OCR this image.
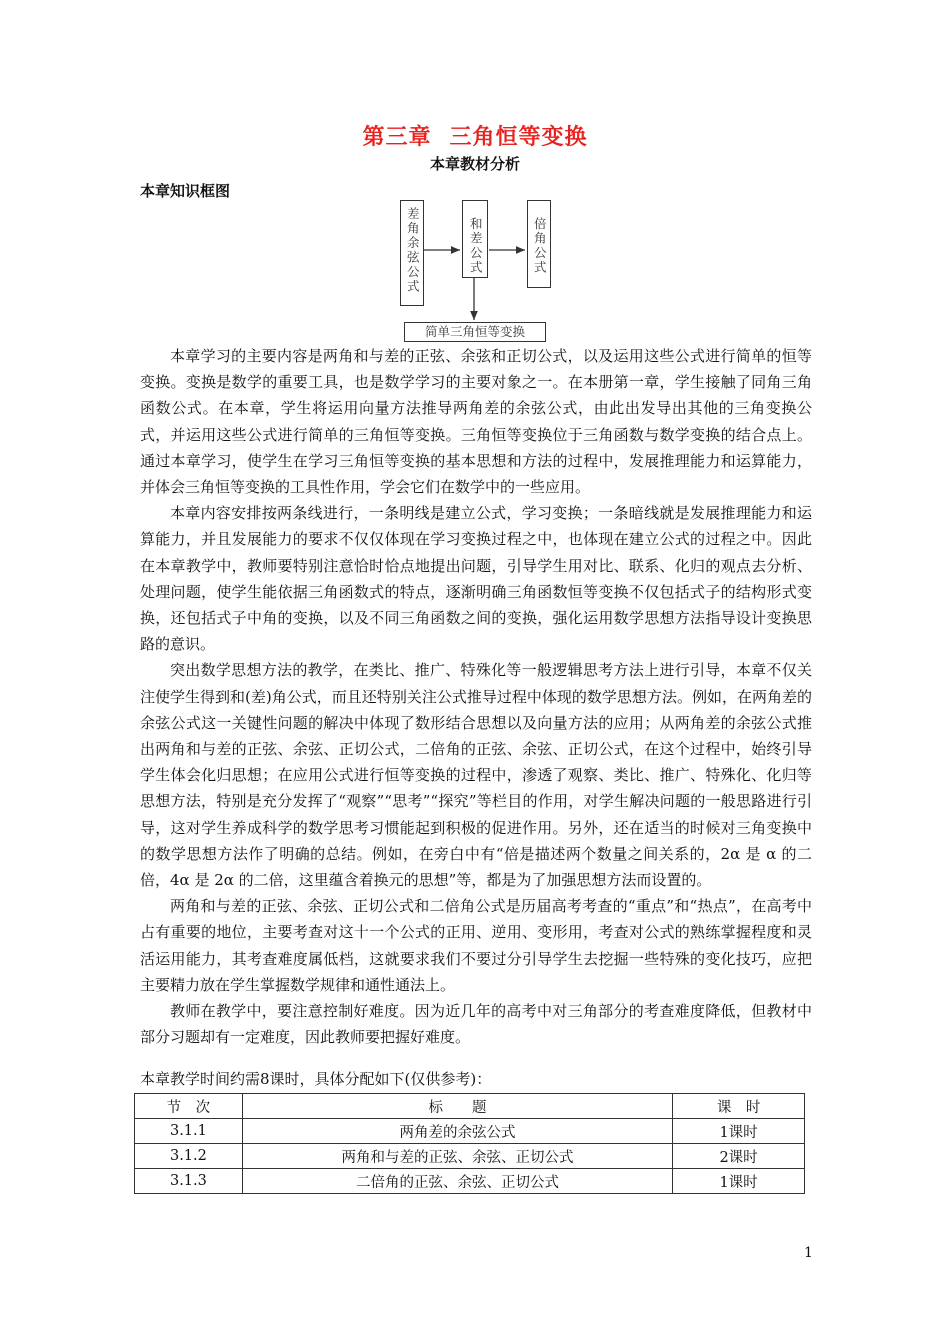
第三章 三角恒等变换
本章教材分析
本章知识框图
差角余弦公式	和差公式	倍角公式
简单三角恒等变换

本章学习的主要内容是两角和与差的正弦、余弦和正切公式，以及运用这些公式进行简单的恒等变换。变换是数学的重要工具，也是数学学习的主要对象之一。在本册第一章，学生接触了同角三角函数公式。在本章，学生将运用向量方法推导两角差的余弦公式，由此出发导出其他的三角变换公式，并运用这些公式进行简单的三角恒等变换。三角恒等变换位于三角函数与数学变换的结合点上。通过本章学习，使学生在学习三角恒等变换的基本思想和方法的过程中，发展推理能力和运算能力，并体会三角恒等变换的工具性作用，学会它们在数学中的一些应用。

本章内容安排按两条线进行，一条明线是建立公式，学习变换；一条暗线就是发展推理能力和运算能力，并且发展能力的要求不仅仅体现在学习变换过程之中，也体现在建立公式的过程之中。因此在本章教学中，教师要特别注意恰时恰点地提出问题，引导学生用对比、联系、化归的观点去分析、处理问题，使学生能依据三角函数式的特点，逐渐明确三角函数恒等变换不仅包括式子的结构形式变换，还包括式子中角的变换，以及不同三角函数之间的变换，强化运用数学思想方法指导设计变换思路的意识。

突出数学思想方法的教学，在类比、推广、特殊化等一般逻辑思考方法上进行引导，本章不仅关注使学生得到和(差)角公式，而且还特别关注公式推导过程中体现的数学思想方法。例如，在两角差的余弦公式这一关键性问题的解决中体现了数形结合思想以及向量方法的应用；从两角差的余弦公式推出两角和与差的正弦、余弦、正切公式，二倍角的正弦、余弦、正切公式，在这个过程中，始终引导学生体会化归思想；在应用公式进行恒等变换的过程中，渗透了观察、类比、推广、特殊化、化归等思想方法，特别是充分发挥了“观察”“思考”“探究”等栏目的作用，对学生解决问题的一般思路进行引导，这对学生养成科学的数学思考习惯能起到积极的促进作用。另外，还在适当的时候对三角变换中的数学思想方法作了明确的总结。例如，在旁白中有“倍是描述两个数量之间关系的，2α 是 α 的二倍，4α 是 2α 的二倍，这里蕴含着换元的思想”等，都是为了加强思想方法而设置的。

两角和与差的正弦、余弦、正切公式和二倍角公式是历届高考考查的“重点”和“热点”，在高考中占有重要的地位，主要考查对这十一个公式的正用、逆用、变形用，考查对公式的熟练掌握程度和灵活运用能力，其考查难度属低档，这就要求我们不要过分引导学生去挖掘一些特殊的变化技巧，应把主要精力放在学生掌握数学规律和通性通法上。

教师在教学中，要注意控制好难度。因为近几年的高考中对三角部分的考查难度降低，但教材中部分习题却有一定难度，因此教师要把握好难度。

本章教学时间约需8课时，具体分配如下(仅供参考)：
节　次	标　　题	课　时
3.1.1	两角差的余弦公式	1课时
3.1.2	两角和与差的正弦、余弦、正切公式	2课时
3.1.3	二倍角的正弦、余弦、正切公式	1课时
1
